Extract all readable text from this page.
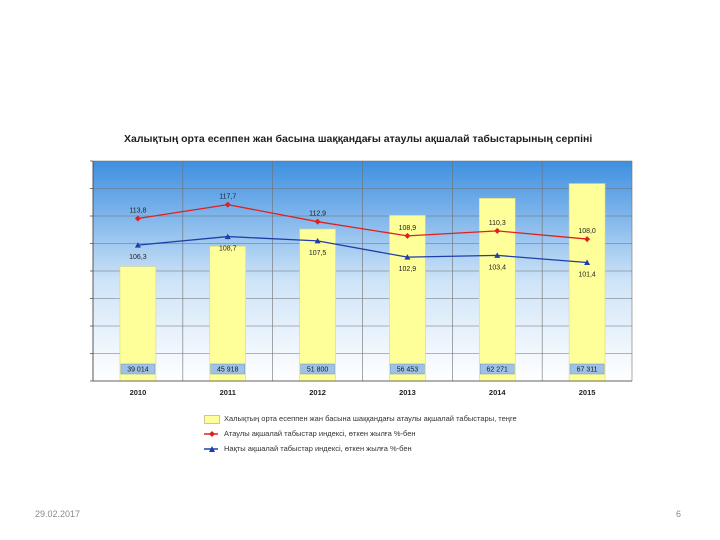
39 014
2010
45 918
2011
51 800
2012
56 453
2013
62 271
2014
67 311
2015
113,8
117,7
112,9
108,9
110,3
108,0
106,3
108,7
107,5
102,9	103,4
101,4
Халықтың орта есеппен жан басына шаққандағы атаулы ақшалай табыстарының серпіні
Халықтың орта есеппен жан басына шаққандағы атаулы ақшалай табыстары, теңге
Атаулы ақшалай табыстар индексі, өткен жылға %-бен
Нақты ақшалай табыстар индексі, өткен жылға %-бен
29.02.2017	6
